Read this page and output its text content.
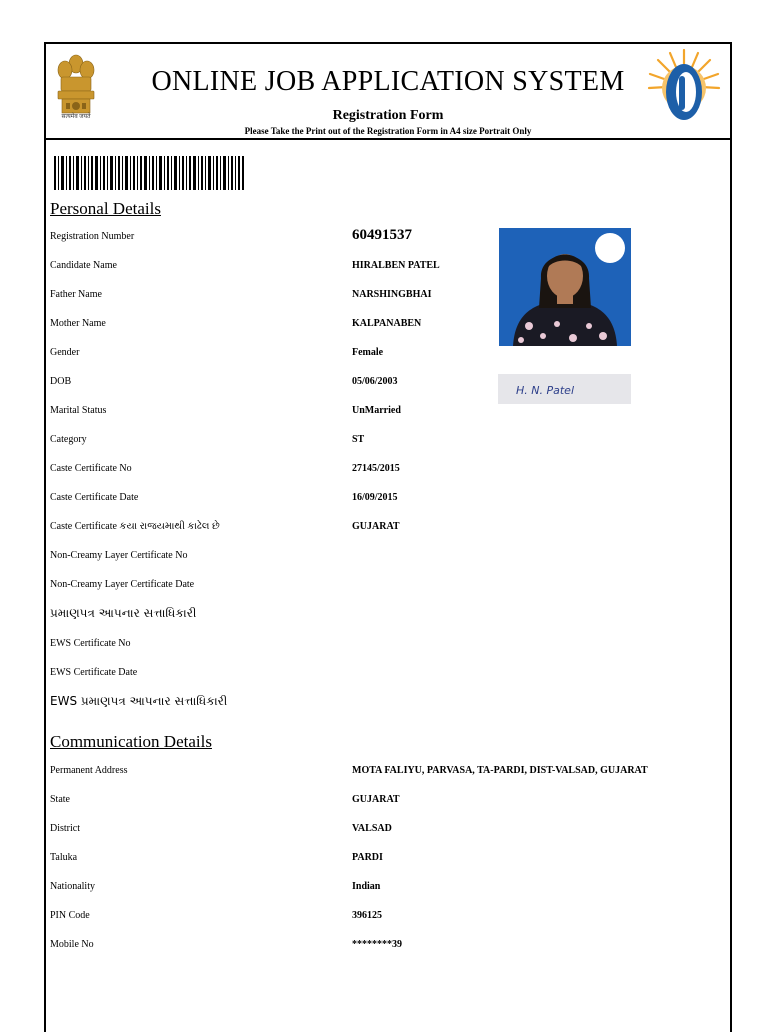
सत्यमेव जयते
ONLINE JOB APPLICATION SYSTEM
Registration Form
Please Take the Print out of the Registration Form in A4 size Portrait Only
Personal Details
Registration Number	60491537
Candidate Name	HIRALBEN PATEL
Father Name	NARSHINGBHAI
Mother Name	KALPANABEN
Gender	Female
DOB	05/06/2003
Marital Status	UnMarried
Category	ST
Caste Certificate No	27145/2015
Caste Certificate Date	16/09/2015
Caste Certificate કયા રાજયમાથી કાઢેલ છે	GUJARAT
Non-Creamy Layer Certificate No
Non-Creamy Layer Certificate Date
પ્રમાણપત્ર આપનાર સત્તાધિકારી
EWS Certificate No
EWS Certificate Date
EWS પ્રમાણપત્ર આપનાર સત્તાધિકારી
H. N. Patel
Communication Details
Permanent Address	MOTA FALIYU, PARVASA, TA-PARDI, DIST-VALSAD, GUJARAT
State	GUJARAT
District	VALSAD
Taluka	PARDI
Nationality	Indian
PIN Code	396125
Mobile No	********39
